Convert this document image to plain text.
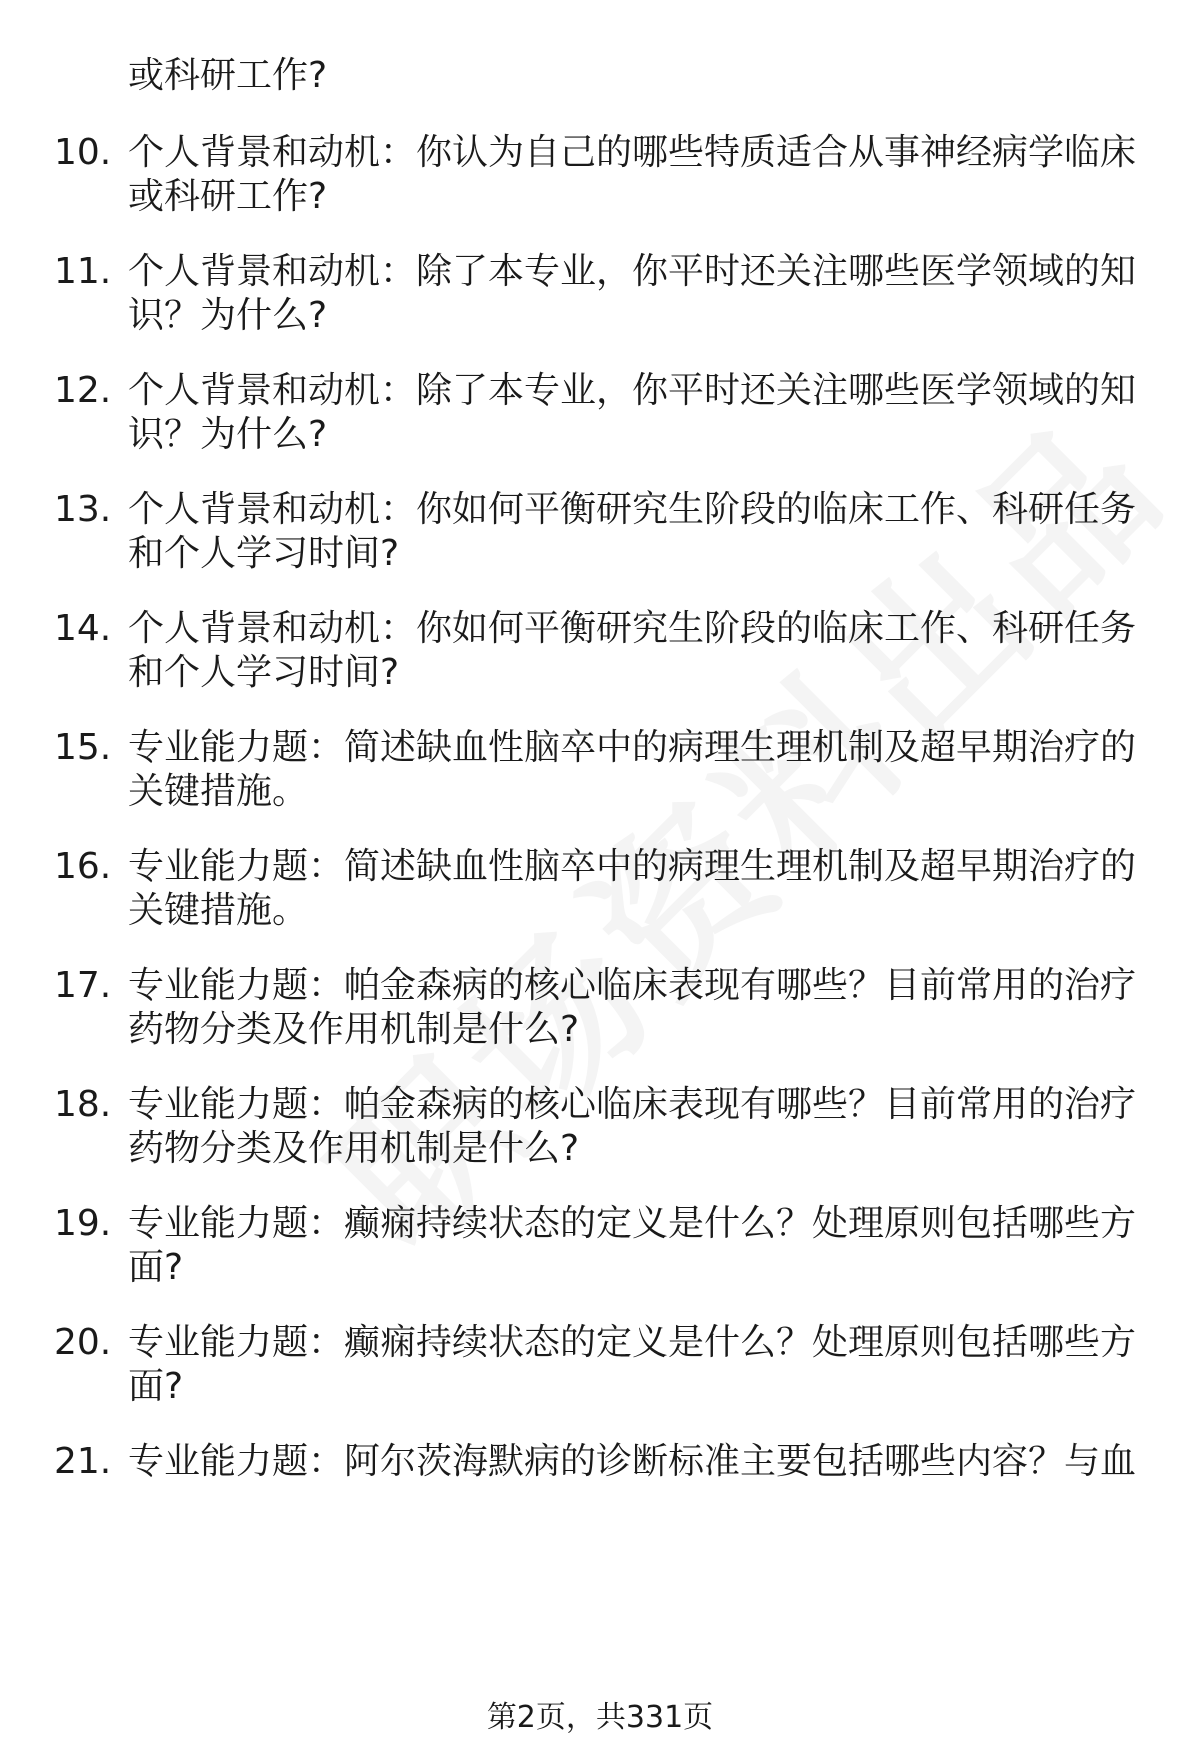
或科研工作?
10. 个人背景和动机：你认为自己的哪些特质适合从事神经病学临床
或科研工作?
11. 个人背景和动机：除了本专业，你平时还关注哪些医学领域的知
识？为什么?
12. 个人背景和动机：除了本专业，你平时还关注哪些医学领域的知
识？为什么?
13. 个人背景和动机：你如何平衡研究生阶段的临床工作、科研任务
和个人学习时间?
14. 个人背景和动机：你如何平衡研究生阶段的临床工作、科研任务
和个人学习时间?
15. 专业能力题：简述缺血性脑卒中的病理生理机制及超早期治疗的
关键措施。
16. 专业能力题：简述缺血性脑卒中的病理生理机制及超早期治疗的
关键措施。
17. 专业能力题：帕金森病的核心临床表现有哪些？目前常用的治疗
药物分类及作用机制是什么?
18. 专业能力题：帕金森病的核心临床表现有哪些？目前常用的治疗
药物分类及作用机制是什么?
19. 专业能力题：癫痫持续状态的定义是什么？处理原则包括哪些方
面?
20. 专业能力题：癫痫持续状态的定义是什么？处理原则包括哪些方
面?
21. 专业能力题：阿尔茨海默病的诊断标准主要包括哪些内容？与血
第2页，共331页
